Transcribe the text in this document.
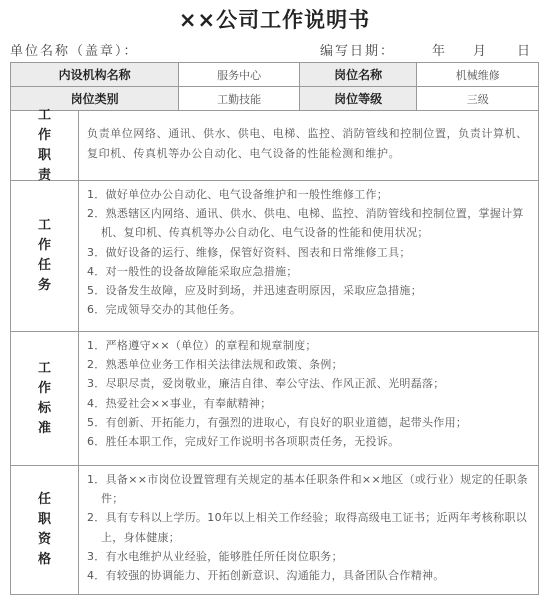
××公司工作说明书
单位名称（盖章）：	编写日期：	年 月 日
内设机构名称	服务中心	岗位名称	机械维修
岗位类别	工勤技能	岗位等级	三级
工作职责
负责单位网络、通讯、供水、供电、电梯、监控、消防管线和控制位置，负责计算机、复印机、传真机等办公自动化、电气设备的性能检测和维护。
工作任务
1．做好单位办公自动化、电气设备维护和一般性维修工作；
2．熟悉辖区内网络、通讯、供水、供电、电梯、监控、消防管线和控制位置，掌握计算机、复印机、传真机等办公自动化、电气设备的性能和使用状况；
3．做好设备的运行、维修，保管好资料、图表和日常维修工具；
4．对一般性的设备故障能采取应急措施；
5．设备发生故障，应及时到场，并迅速查明原因，采取应急措施；
6．完成领导交办的其他任务。
工作标准
1．严格遵守××（单位）的章程和规章制度；
2．熟悉单位业务工作相关法律法规和政策、条例；
3．尽职尽责，爱岗敬业，廉洁自律、奉公守法、作风正派、光明磊落；
4．热爱社会××事业，有奉献精神；
5．有创新、开拓能力，有强烈的进取心，有良好的职业道德，起带头作用；
6．胜任本职工作，完成好工作说明书各项职责任务，无投诉。
任职资格
1．具备××市岗位设置管理有关规定的基本任职条件和××地区（或行业）规定的任职条件；
2．具有专科以上学历。10年以上相关工作经验；取得高级电工证书；近两年考核称职以上，身体健康；
3．有水电维护从业经验，能够胜任所任岗位职务；
4．有较强的协调能力、开拓创新意识、沟通能力，具备团队合作精神。
